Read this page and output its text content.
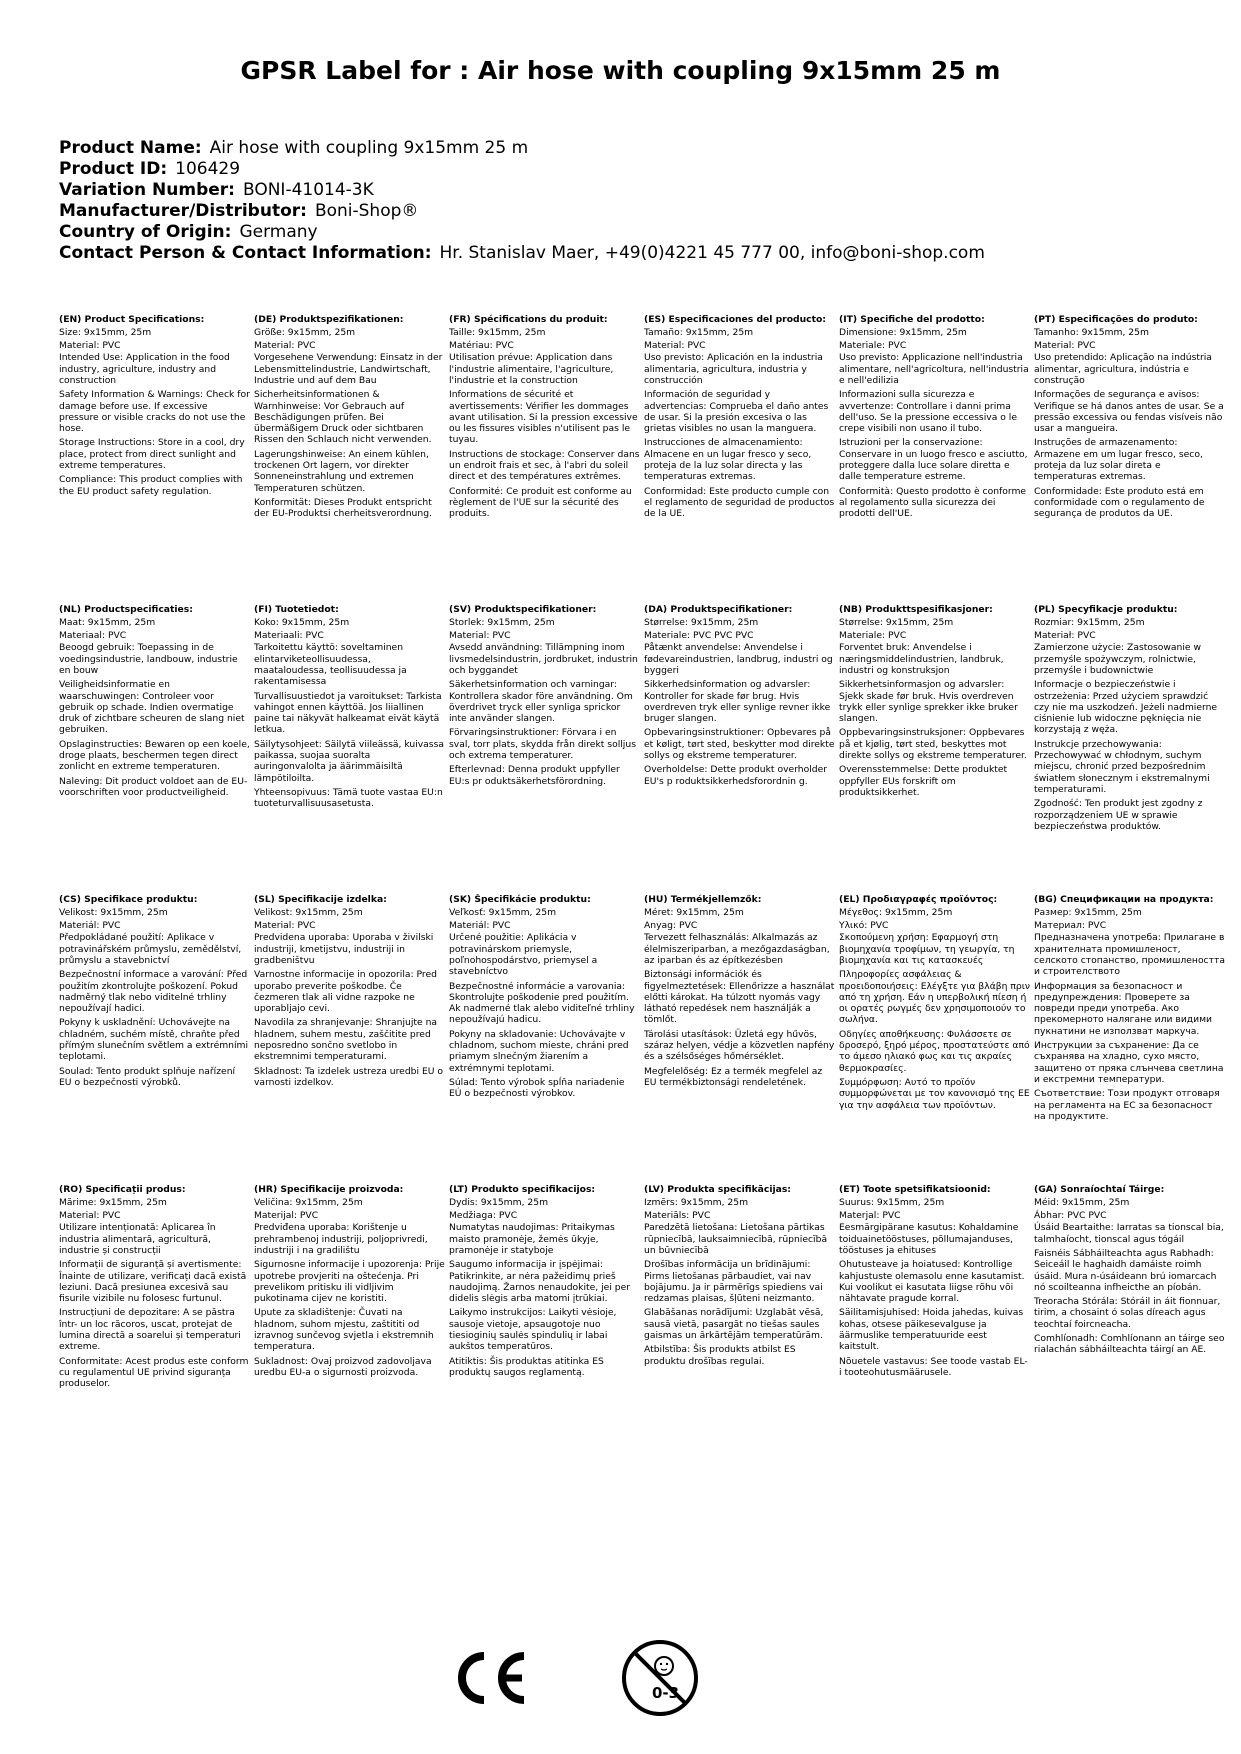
GPSR Label for : Air hose with coupling 9x15mm 25 m
Product Name: Air hose with coupling 9x15mm 25 m
Product ID: 106429
Variation Number: BONI-41014-3K
Manufacturer/Distributor: Boni-Shop®
Country of Origin: Germany
Contact Person & Contact Information: Hr. Stanislav Maer, +49(0)4221 45 777 00, info@boni-shop.com
(EN) Product Specifications:
Size: 9x15mm, 25m
Material: PVC
Intended Use: Application in the food industry, agriculture, industry and construction
Safety Information & Warnings: Check for damage before use. If excessive pressure or visible cracks do not use the hose.
Storage Instructions: Store in a cool, dry place, protect from direct sunlight and extreme temperatures.
Compliance: This product complies with the EU product safety regulation.
(DE) Produktspezifikationen:
Größe: 9x15mm, 25m
Material: PVC
Vorgesehene Verwendung: Einsatz in der Lebensmittelindustrie, Landwirtschaft, Industrie und auf dem Bau
Sicherheitsinformationen & Warnhinweise: Vor Gebrauch auf Beschädigungen prüfen. Bei übermäßigem Druck oder sichtbaren Rissen den Schlauch nicht verwenden.
Lagerungshinweise: An einem kühlen, trockenen Ort lagern, vor direkter Sonneneinstrahlung und extremen Temperaturen schützen.
Konformität: Dieses Produkt entspricht der EU-Produktsi cherheitsverordnung.
(FR) Spécifications du produit:
Taille: 9x15mm, 25m
Matériau: PVC
Utilisation prévue: Application dans l'industrie alimentaire, l'agriculture, l'industrie et la construction
Informations de sécurité et avertissements: Vérifier les dommages avant utilisation. Si la pression excessive ou les fissures visibles n'utilisent pas le tuyau.
Instructions de stockage: Conserver dans un endroit frais et sec, à l'abri du soleil direct et des températures extrêmes.
Conformité: Ce produit est conforme au règlement de l'UE sur la sécurité des produits.
(ES) Especificaciones del producto:
Tamaño: 9x15mm, 25m
Material: PVC
Uso previsto: Aplicación en la industria alimentaria, agricultura, industria y construcción
Información de seguridad y advertencias: Comprueba el daño antes de usar. Si la presión excesiva o las grietas visibles no usan la manguera.
Instrucciones de almacenamiento: Almacene en un lugar fresco y seco, proteja de la luz solar directa y las temperaturas extremas.
Conformidad: Este producto cumple con el reglamento de seguridad de productos de la UE.
(IT) Specifiche del prodotto:
Dimensione: 9x15mm, 25m
Materiale: PVC
Uso previsto: Applicazione nell'industria alimentare, nell'agricoltura, nell'industria e nell'edilizia
Informazioni sulla sicurezza e avvertenze: Controllare i danni prima dell'uso. Se la pressione eccessiva o le crepe visibili non usano il tubo.
Istruzioni per la conservazione: Conservare in un luogo fresco e asciutto, proteggere dalla luce solare diretta e dalle temperature estreme.
Conformità: Questo prodotto è conforme al regolamento sulla sicurezza dei prodotti dell'UE.
(PT) Especificações do produto:
Tamanho: 9x15mm, 25m
Material: PVC
Uso pretendido: Aplicação na indústria alimentar, agricultura, indústria e construção
Informações de segurança e avisos: Verifique se há danos antes de usar. Se a pressão excessiva ou fendas visíveis não usar a mangueira.
Instruções de armazenamento: Armazene em um lugar fresco, seco, proteja da luz solar direta e temperaturas extremas.
Conformidade: Este produto está em conformidade com o regulamento de segurança de produtos da UE.
(NL) Productspecificaties:
Maat: 9x15mm, 25m
Materiaal: PVC
Beoogd gebruik: Toepassing in de voedingsindustrie, landbouw, industrie en bouw
Veiligheidsinformatie en waarschuwingen: Controleer voor gebruik op schade. Indien overmatige druk of zichtbare scheuren de slang niet gebruiken.
Opslaginstructies: Bewaren op een koele, droge plaats, beschermen tegen direct zonlicht en extreme temperaturen.
Naleving: Dit product voldoet aan de EU-voorschriften voor productveiligheid.
(FI) Tuotetiedot:
Koko: 9x15mm, 25m
Materiaali: PVC
Tarkoitettu käyttö: soveltaminen elintarviketeollisuudessa, maataloudessa, teollisuudessa ja rakentamisessa
Turvallisuustiedot ja varoitukset: Tarkista vahingot ennen käyttöä. Jos liiallinen paine tai näkyvät halkeamat eivät käytä letkua.
Säilytysohjeet: Säilytä viileässä, kuivassa paikassa, suojaa suoralta auringonvalolta ja äärimmäisiltä lämpötiloilta.
Yhteensopivuus: Tämä tuote vastaa EU:n tuoteturvallisuusasetusta.
(SV) Produktspecifikationer:
Storlek: 9x15mm, 25m
Material: PVC
Avsedd användning: Tillämpning inom livsmedelsindustrin, jordbruket, industrin och byggandet
Säkerhetsinformation och varningar: Kontrollera skador före användning. Om överdrivet tryck eller synliga sprickor inte använder slangen.
Förvaringsinstruktioner: Förvara i en sval, torr plats, skydda från direkt solljus och extrema temperaturer.
Efterlevnad: Denna produkt uppfyller EU:s pr oduktsäkerhetsförordning.
(DA) Produktspecifikationer:
Størrelse: 9x15mm, 25m
Materiale: PVC PVC PVC
Påtænkt anvendelse: Anvendelse i fødevareindustrien, landbrug, industri og byggeri
Sikkerhedsinformation og advarsler: Kontroller for skade før brug. Hvis overdreven tryk eller synlige revner ikke bruger slangen.
Opbevaringsinstruktioner: Opbevares på et køligt, tørt sted, beskytter mod direkte sollys og ekstreme temperaturer.
Overholdelse: Dette produkt overholder EU's p roduktsikkerhedsforordnin g.
(NB) Produkttspesifikasjoner:
Størrelse: 9x15mm, 25m
Materiale: PVC
Forventet bruk: Anvendelse i næringsmiddelindustrien, landbruk, industri og konstruksjon
Sikkerhetsinformasjon og advarsler: Sjekk skade før bruk. Hvis overdreven trykk eller synlige sprekker ikke bruker slangen.
Oppbevaringsinstruksjoner: Oppbevares på et kjølig, tørt sted, beskyttes mot direkte sollys og ekstreme temperaturer.
Overensstemmelse: Dette produktet oppfyller EUs forskrift om produktsikkerhet.
(PL) Specyfikacje produktu:
Rozmiar: 9x15mm, 25m
Materiał: PVC
Zamierzone użycie: Zastosowanie w przemyśle spożywczym, rolnictwie, przemyśle i budownictwie
Informacje o bezpieczeństwie i ostrzeżenia: Przed użyciem sprawdzić czy nie ma uszkodzeń. Jeżeli nadmierne ciśnienie lub widoczne pęknięcia nie korzystają z węża.
Instrukcje przechowywania: Przechowywać w chłodnym, suchym miejscu, chronić przed bezpośrednim światłem słonecznym i ekstremalnymi temperaturami.
Zgodność: Ten produkt jest zgodny z rozporządzeniem UE w sprawie bezpieczeństwa produktów.
(CS) Specifikace produktu:
Velikost: 9x15mm, 25m
Materiál: PVC
Předpokládané použití: Aplikace v potravinářském průmyslu, zemědělství, průmyslu a stavebnictví
Bezpečnostní informace a varování: Před použitím zkontrolujte poškození. Pokud nadměrný tlak nebo viditelné trhliny nepoužívají hadici.
Pokyny k uskladnění: Uchovávejte na chladném, suchém místě, chraňte před přímým slunečním světlem a extrémními teplotami.
Soulad: Tento produkt splňuje nařízení EU o bezpečnosti výrobků.
(SL) Specifikacije izdelka:
Velikost: 9x15mm, 25m
Material: PVC
Predvidena uporaba: Uporaba v živilski industriji, kmetijstvu, industriji in gradbeništvu
Varnostne informacije in opozorila: Pred uporabo preverite poškodbe. Če čezmeren tlak ali vidne razpoke ne uporabljajo cevi.
Navodila za shranjevanje: Shranjujte na hladnem, suhem mestu, zaščitite pred neposredno sončno svetlobo in ekstremnimi temperaturami.
Skladnost: Ta izdelek ustreza uredbi EU o varnosti izdelkov.
(SK) Špecifikácie produktu:
Veľkosť: 9x15mm, 25m
Materiál: PVC
Určené použitie: Aplikácia v potravinárskom priemysle, poľnohospodárstvo, priemysel a stavebníctvo
Bezpečnostné informácie a varovania: Skontrolujte poškodenie pred použitím. Ak nadmerné tlak alebo viditeľné trhliny nepoužívajú hadicu.
Pokyny na skladovanie: Uchovávajte v chladnom, suchom mieste, chráni pred priamym slnečným žiarením a extrémnymi teplotami.
Súlad: Tento výrobok spĺňa nariadenie EÚ o bezpečnosti výrobkov.
(HU) Termékjellemzők:
Méret: 9x15mm, 25m
Anyag: PVC
Tervezett felhasználás: Alkalmazás az élelmiszeriparban, a mezőgazdaságban, az iparban és az építkezésben
Biztonsági információk és figyelmeztetések: Ellenőrizze a használat előtti károkat. Ha túlzott nyomás vagy látható repedések nem használják a tömlőt.
Tárolási utasítások: Üzletá egy hűvös, száraz helyen, védje a közvetlen napfény és a szélsőséges hőmérséklet.
Megfelelőség: Ez a termék megfelel az EU termékbiztonsági rendeletének.
(EL) Προδιαγραφές προϊόντος:
Μέγεθος: 9x15mm, 25m
Υλικό: PVC
Σκοπούμενη χρήση: Εφαρμογή στη βιομηχανία τροφίμων, τη γεωργία, τη βιομηχανία και τις κατασκευές
Πληροφορίες ασφάλειας & προειδοποιήσεις: Ελέγξτε για βλάβη πριν από τη χρήση. Εάν η υπερβολική πίεση ή οι ορατές ρωγμές δεν χρησιμοποιούν το σωλήνα.
Οδηγίες αποθήκευσης: Φυλάσσετε σε δροσερό, ξηρό μέρος, προστατεύστε από το άμεσο ηλιακό φως και τις ακραίες θερμοκρασίες.
Συμμόρφωση: Αυτό το προϊόν συμμορφώνεται με τον κανονισμό της ΕΕ για την ασφάλεια των προϊόντων.
(BG) Спецификации на продукта:
Размер: 9x15mm, 25m
Материал: PVC
Предназначена употреба: Прилагане в хранителната промишленост, селското стопанство, промишлеността и строителството
Информация за безопасност и предупреждения: Проверете за повреди преди употреба. Ако прекомерното налягане или видими пукнатини не използват маркуча.
Инструкции за съхранение: Да се съхранява на хладно, сухо място, защитено от пряка слънчева светлина и екстремни температури.
Съответствие: Този продукт отговаря на регламента на ЕС за безопасност на продуктите.
(RO) Specificații produs:
Mărime: 9x15mm, 25m
Material: PVC
Utilizare intenționată: Aplicarea în industria alimentară, agricultură, industrie și construcții
Informații de siguranță și avertismente: Înainte de utilizare, verificați dacă există leziuni. Dacă presiunea excesivă sau fisurile vizibile nu folosesc furtunul.
Instrucțiuni de depozitare: A se păstra într- un loc răcoros, uscat, protejat de lumina directă a soarelui și temperaturi extreme.
Conformitate: Acest produs este conform cu regulamentul UE privind siguranța produselor.
(HR) Specifikacije proizvoda:
Veličina: 9x15mm, 25m
Materijal: PVC
Predviđena uporaba: Korištenje u prehrambenoj industriji, poljoprivredi, industriji i na gradilištu
Sigurnosne informacije i upozorenja: Prije upotrebe provjeriti na oštećenja. Pri prevelikom pritisku ili vidljivim pukotinama cijev ne koristiti.
Upute za skladištenje: Čuvati na hladnom, suhom mjestu, zaštititi od izravnog sunčevog svjetla i ekstremnih temperatura.
Sukladnost: Ovaj proizvod zadovoljava uredbu EU-a o sigurnosti proizvoda.
(LT) Produkto specifikacijos:
Dydis: 9x15mm, 25m
Medžiaga: PVC
Numatytas naudojimas: Pritaikymas maisto pramonėje, žemės ūkyje, pramonėje ir statyboje
Saugumo informacija ir įspėjimai: Patikrinkite, ar nėra pažeidimų prieš naudojimą. Žarnos nenaudokite, jei per didelis slėgis arba matomi įtrūkiai.
Laikymo instrukcijos: Laikyti vėsioje, sausoje vietoje, apsaugotoje nuo tiesioginių saulės spindulių ir labai aukštos temperatūros.
Atitiktis: Šis produktas atitinka ES produktų saugos reglamentą.
(LV) Produkta specifikācijas:
Izmērs: 9x15mm, 25m
Materiāls: PVC
Paredzētā lietošana: Lietošana pārtikas rūpniecībā, lauksaimniecībā, rūpniecībā un būvniecībā
Drošības informācija un brīdinājumi: Pirms lietošanas pārbaudiet, vai nav bojājumu. Ja ir pārmērīgs spiediens vai redzamas plaisas, šļūteni neizmanto.
Glabāšanas norādījumi: Uzglabāt vēsā, sausā vietā, pasargāt no tiešas saules gaismas un ārkārtējām temperatūrām.
Atbilstība: Šis produkts atbilst ES produktu drošības regulai.
(ET) Toote spetsifikatsioonid:
Suurus: 9x15mm, 25m
Materjal: PVC
Eesmärgipärane kasutus: Kohaldamine toiduainetööstuses, põllumajanduses, tööstuses ja ehituses
Ohutusteave ja hoiatused: Kontrollige kahjustuste olemasolu enne kasutamist. Kui voolikut ei kasutata liigse rõhu või nähtavate pragude korral.
Säilitamisjuhised: Hoida jahedas, kuivas kohas, otsese päikesevalguse ja äärmuslike temperatuuride eest kaitstult.
Nõuetele vastavus: See toode vastab EL-i tooteohutusmäärusele.
(GA) Sonraíochtaí Táirge:
Méid: 9x15mm, 25m
Ábhar: PVC PVC
Úsáid Beartaithe: Iarratas sa tionscal bia, talmhaíocht, tionscal agus tógáil
Faisnéis Sábháilteachta agus Rabhadh: Seiceáil le haghaidh damáiste roimh úsáid. Mura n-úsáideann brú iomarcach nó scoilteanna infheicthe an píobán.
Treoracha Stórála: Stóráil in áit fionnuar, tirim, a chosaint ó solas díreach agus teochtaí foircneacha.
Comhlíonadh: Comhlíonann an táirge seo rialachán sábháilteachta táirgí an AE.
0-3
